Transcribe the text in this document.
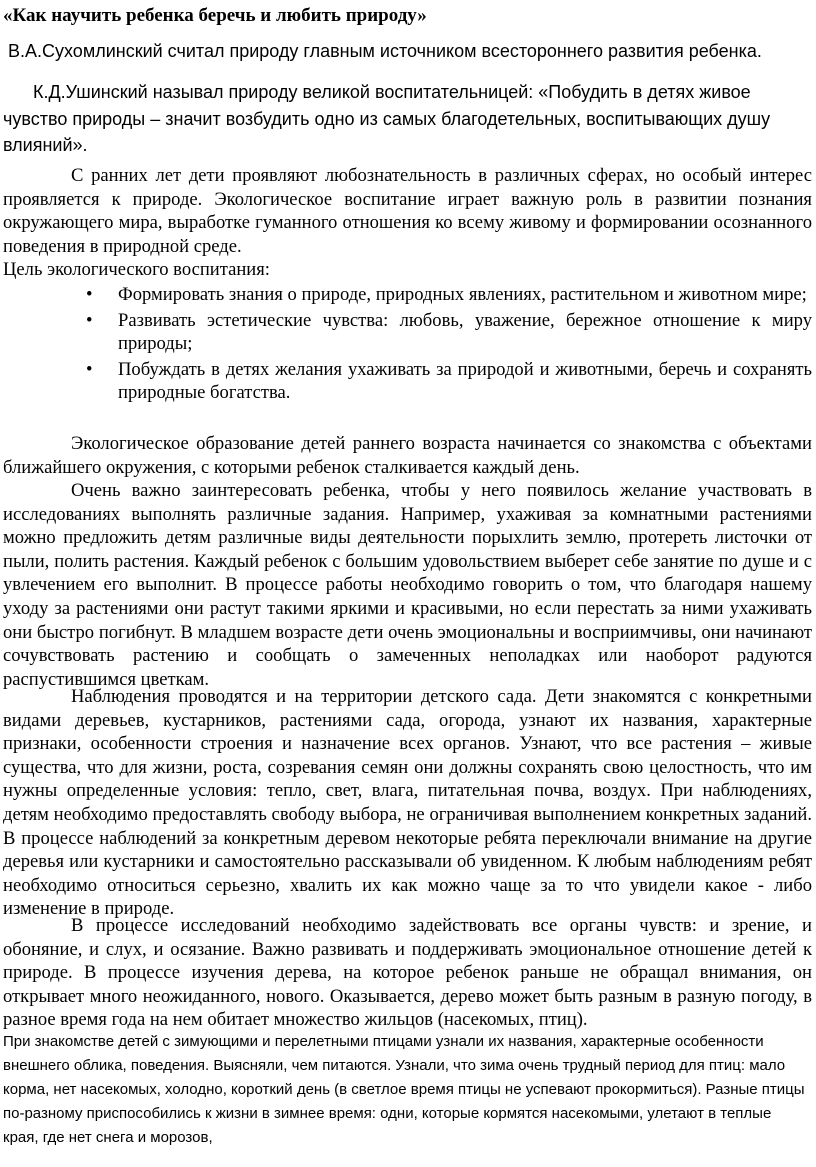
«Как научить ребенка беречь и любить природу»
В.А.Сухомлинский считал природу главным источником всестороннего развития ребенка.
К.Д.Ушинский называл природу великой воспитательницей: «Побудить в детях живое чувство природы – значит возбудить одно из самых благодетельных, воспитывающих душу влияний».
С ранних лет дети проявляют любознательность в различных сферах, но особый интерес проявляется к природе. Экологическое воспитание играет важную роль в развитии познания окружающего мира, выработке гуманного отношения ко всему живому и формировании осознанного поведения в природной среде.
Цель экологического воспитания:
• Формировать знания о природе, природных явлениях, растительном и животном мире;
• Развивать эстетические чувства: любовь, уважение, бережное отношение к миру природы;
• Побуждать в детях желания ухаживать за природой и животными, беречь и сохранять природные богатства.
Экологическое образование детей раннего возраста начинается со знакомства с объектами ближайшего окружения, с которыми ребенок сталкивается каждый день.
Очень важно заинтересовать ребенка, чтобы у него появилось желание участвовать в исследованиях выполнять различные задания. Например, ухаживая за комнатными растениями можно предложить детям различные виды деятельности порыхлить землю, протереть листочки от пыли, полить растения. Каждый ребенок с большим удовольствием выберет себе занятие по душе и с увлечением его выполнит. В процессе работы необходимо говорить о том, что благодаря нашему уходу за растениями они растут такими яркими и красивыми, но если перестать за ними ухаживать они быстро погибнут. В младшем возрасте дети очень эмоциональны и восприимчивы, они начинают сочувствовать растению и сообщать о замеченных неполадках или наоборот радуются распустившимся цветкам.
Наблюдения проводятся и на территории детского сада. Дети знакомятся с конкретными видами деревьев, кустарников, растениями сада, огорода, узнают их названия, характерные признаки, особенности строения и назначение всех органов. Узнают, что все растения – живые существа, что для жизни, роста, созревания семян они должны сохранять свою целостность, что им нужны определенные условия: тепло, свет, влага, питательная почва, воздух. При наблюдениях, детям необходимо предоставлять свободу выбора, не ограничивая выполнением конкретных заданий. В процессе наблюдений за конкретным деревом некоторые ребята переключали внимание на другие деревья или кустарники и самостоятельно рассказывали об увиденном. К любым наблюдениям ребят необходимо относиться серьезно, хвалить их как можно чаще за то что увидели какое - либо изменение в природе.
В процессе исследований необходимо задействовать все органы чувств: и зрение, и обоняние, и слух, и осязание. Важно развивать и поддерживать эмоциональное отношение детей к природе. В процессе изучения дерева, на которое ребенок раньше не обращал внимания, он открывает много неожиданного, нового. Оказывается, дерево может быть разным в разную погоду, в разное время года на нем обитает множество жильцов (насекомых, птиц).
При знакомстве детей с зимующими и перелетными птицами узнали их названия, характерные особенности внешнего облика, поведения. Выясняли, чем питаются. Узнали, что зима очень трудный период для птиц: мало корма, нет насекомых, холодно, короткий день (в светлое время птицы не успевают прокормиться). Разные птицы по-разному приспособились к жизни в зимнее время: одни, которые кормятся насекомыми, улетают в теплые края, где нет снега и морозов,
